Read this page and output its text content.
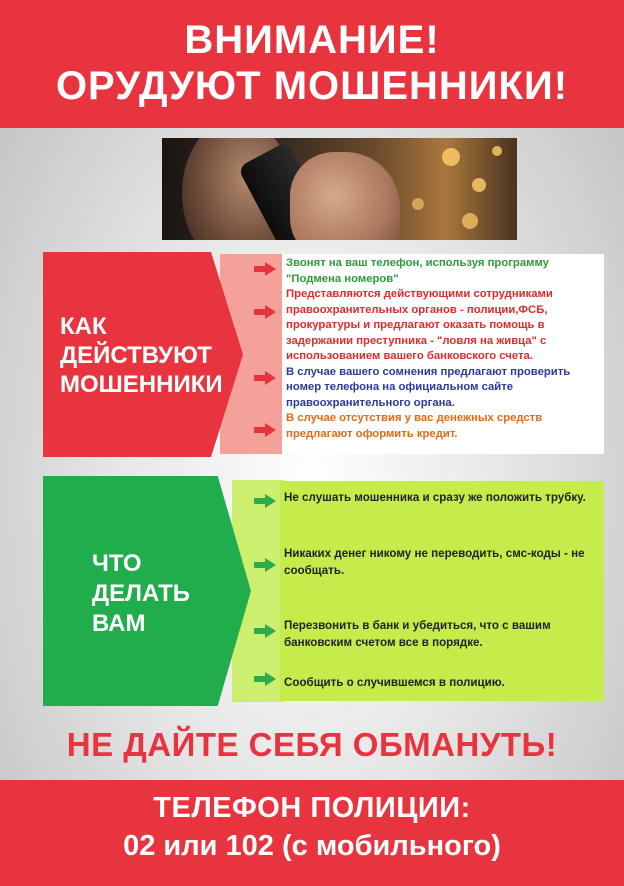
ВНИМАНИЕ!
ОРУДУЮТ МОШЕННИКИ!
КАК
ДЕЙСТВУЮТ
МОШЕННИКИ

Звонят на ваш телефон, используя программу "Подмена номеров"

Представляются действующими сотрудниками правоохранительных органов - полиции,ФСБ, прокуратуры и предлагают оказать помощь в задержании преступника - "ловля на живца" с использованием вашего банковского счета.

В случае вашего сомнения предлагают проверить номер телефона на официальном сайте правоохранительного органа.

В случае отсутствия у вас денежных средств предлагают оформить кредит.

ЧТО
ДЕЛАТЬ
ВАМ

Не слушать мошенника и сразу же положить трубку.

Никаких денег никому не переводить, смс-коды - не сообщать.

Перезвонить в банк и убедиться, что с вашим банковским счетом все в порядке.

Сообщить о случившемся в полицию.

НЕ ДАЙТЕ СЕБЯ ОБМАНУТЬ!
ТЕЛЕФОН ПОЛИЦИИ:
02 или 102 (с мобильного)
